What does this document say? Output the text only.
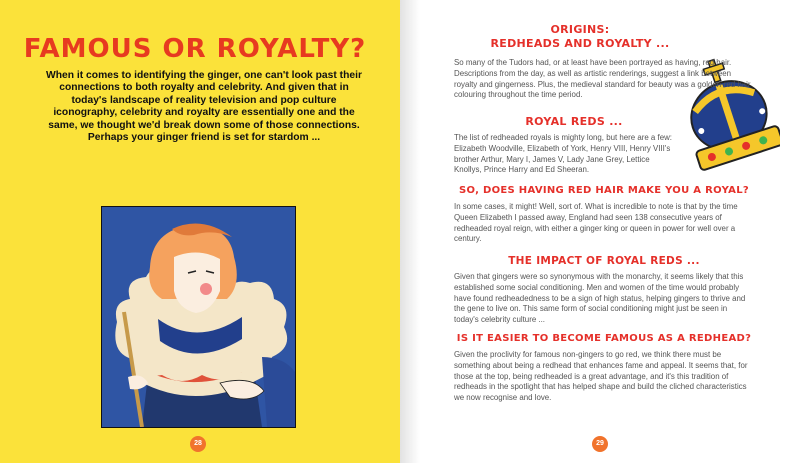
FAMOUS OR ROYALTY?

When it comes to identifying the ginger, one can't look past their connections to both royalty and celebrity. And given that in today's landscape of reality television and pop culture iconography, celebrity and royalty are essentially one and the same, we thought we'd break down some of those connections. Perhaps your ginger friend is set for stardom ...

28
ORIGINS:
REDHEADS AND ROYALTY ...

So many of the Tudors had, or at least have been portrayed as having, red hair. Descriptions from the day, as well as artistic renderings, suggest a link between royalty and gingerness. Plus, the medieval standard for beauty was a golden-red hair colouring throughout the time period.

ROYAL REDS ...

The list of redheaded royals is mighty long, but here are a few: Elizabeth Woodville, Elizabeth of York, Henry VIII, Henry VIII's brother Arthur, Mary I, James V, Lady Jane Grey, Lettice Knollys, Prince Harry and Ed Sheeran.

SO, DOES HAVING RED HAIR MAKE YOU A ROYAL?

In some cases, it might! Well, sort of. What is incredible to note is that by the time Queen Elizabeth I passed away, England had seen 138 consecutive years of redheaded royal reign, with either a ginger king or queen in power for well over a century.

THE IMPACT OF ROYAL REDS ...

Given that gingers were so synonymous with the monarchy, it seems likely that this established some social conditioning. Men and women of the time would probably have found redheadedness to be a sign of high status, helping gingers to thrive and the gene to live on. This same form of social conditioning might just be seen in today's celebrity culture ...

IS IT EASIER TO BECOME FAMOUS AS A REDHEAD?

Given the proclivity for famous non-gingers to go red, we think there must be something about being a redhead that enhances fame and appeal. It seems that, for those at the top, being redheaded is a great advantage, and it's this tradition of redheads in the spotlight that has helped shape and build the cliched characteristics we now recognise and love.

29
